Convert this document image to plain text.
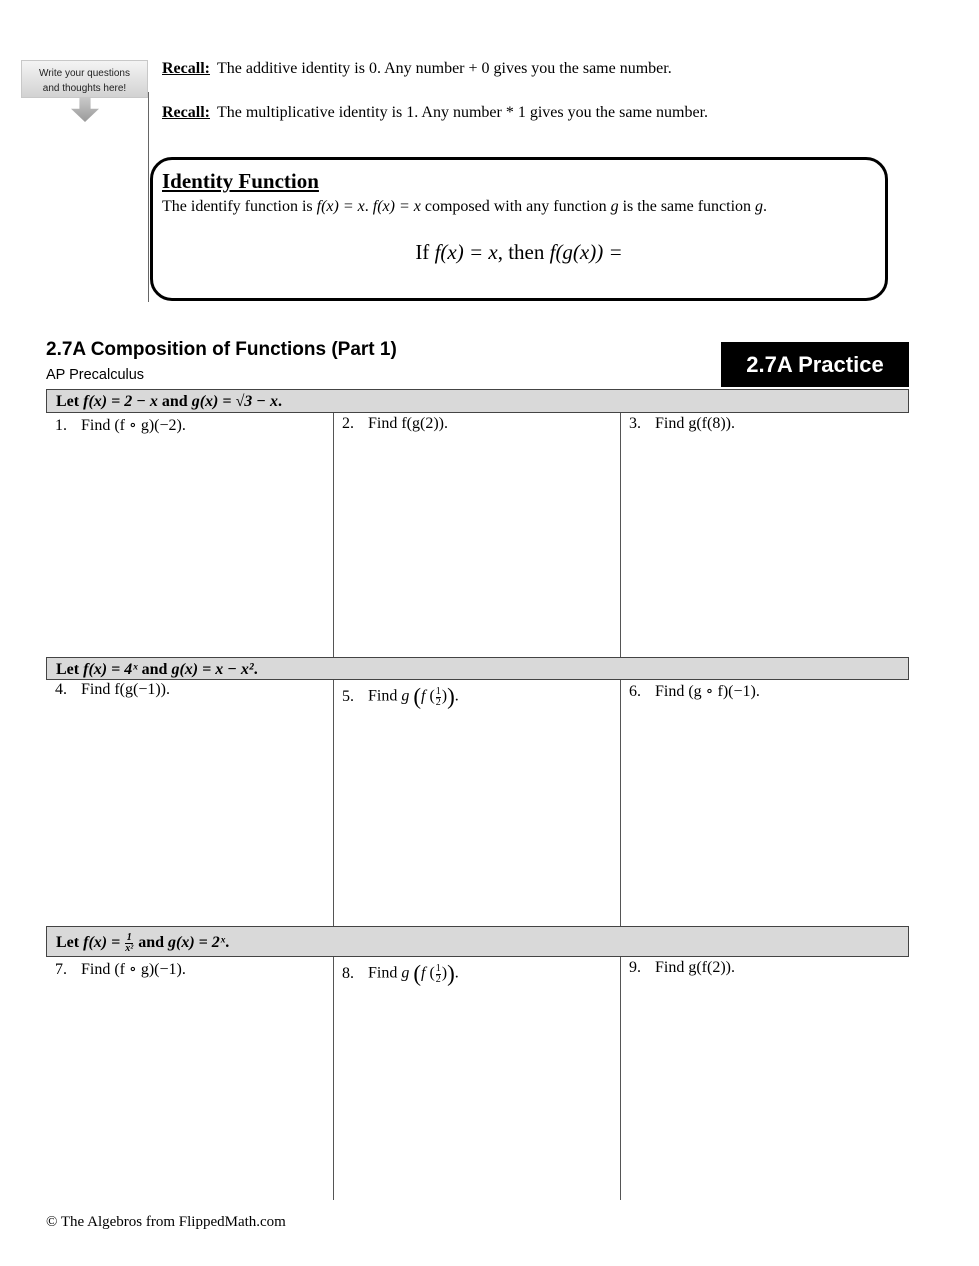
Write your questions
and thoughts here!
Recall: The additive identity is 0. Any number + 0 gives you the same number.
Recall: The multiplicative identity is 1. Any number * 1 gives you the same number.
Identity Function
The identify function is f(x) = x. f(x) = x composed with any function g is the same function g.
If f(x) = x, then f(g(x)) =
2.7A Composition of Functions (Part 1)
AP Precalculus	2.7A Practice
Let f(x) = 2 − x and g(x) = √3 − x.
1. Find (f ∘ g)(−2).	2. Find f(g(2)).	3. Find g(f(8)).
Let f(x) = 4ˣ and g(x) = x − x².
4. Find f(g(−1)).	5. Find g (f ( $\frac{1}{2}$ )).	6. Find (g ∘ f)(−1).
Let $f(x) = \frac{1}{\text{x²}}$ and g(x) = 2ˣ.
7. Find (f ∘ g)(−1).	8. Find g (f ( $\frac{1}{2}$ )).	9. Find g(f(2)).
© The Algebros from FlippedMath.com
